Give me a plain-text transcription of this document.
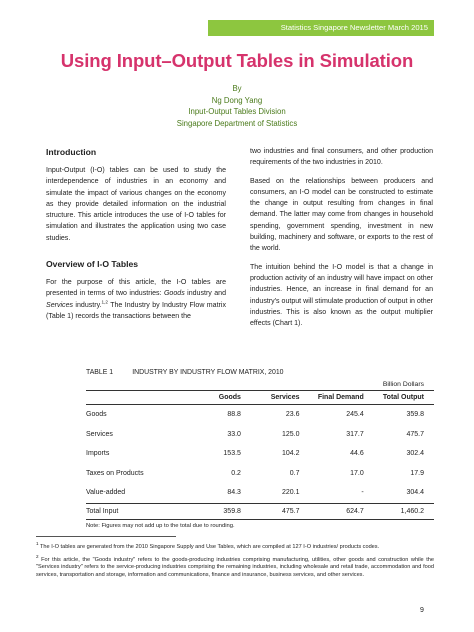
Statistics Singapore Newsletter March 2015
Using Input–Output Tables in Simulation
By
Ng Dong Yang
Input-Output Tables Division
Singapore Department of Statistics
Introduction

Input-Output (I-O) tables can be used to study the interdependence of industries in an economy and simulate the impact of various changes on the economy as they provide detailed information on the industrial structure. This article introduces the use of I-O tables for simulation and illustrates the application using two case studies.

Overview of I-O Tables

For the purpose of this article, the I-O tables are presented in terms of two industries: Goods industry and Services industry.$^{1,2}$ The Industry by Industry Flow matrix (Table 1) records the transactions between the

two industries and final consumers, and other production requirements of the two industries in 2010.

Based on the relationships between producers and consumers, an I-O model can be constructed to estimate the change in output resulting from changes in final demand. The latter may come from changes in household spending, government spending, investment in new building, machinery and software, or exports to the rest of the world.

The intuition behind the I-O model is that a change in production activity of an industry will have impact on other industries. Hence, an increase in final demand for an industry's output will stimulate production of output in other industries. This is also known as the output multiplier effects (Chart 1).

TABLE 1	INDUSTRY BY INDUSTRY FLOW MATRIX, 2010
Billion Dollars
	Goods	Services	Final Demand	Total Output
Goods	88.8	23.6	245.4	359.8
Services	33.0	125.0	317.7	475.7
Imports	153.5	104.2	44.6	302.4
Taxes on Products	0.2	0.7	17.0	17.9
Value-added	84.3	220.1	-	304.4
Total Input	359.8	475.7	624.7	1,460.2
Note: Figures may not add up to the total due to rounding.

$^1$ The I-O tables are generated from the 2010 Singapore Supply and Use Tables, which are compiled at 127 I-O industries/ products codes.

$^2$ For this article, the "Goods industry" refers to the goods-producing industries comprising manufacturing, utilities, other goods and construction while the "Services industry" refers to the service-producing industries comprising the remaining industries, including wholesale and retail trade, accommodation and food services, transportation and storage, information and communications, finance and insurance, business services, and other services.

9
